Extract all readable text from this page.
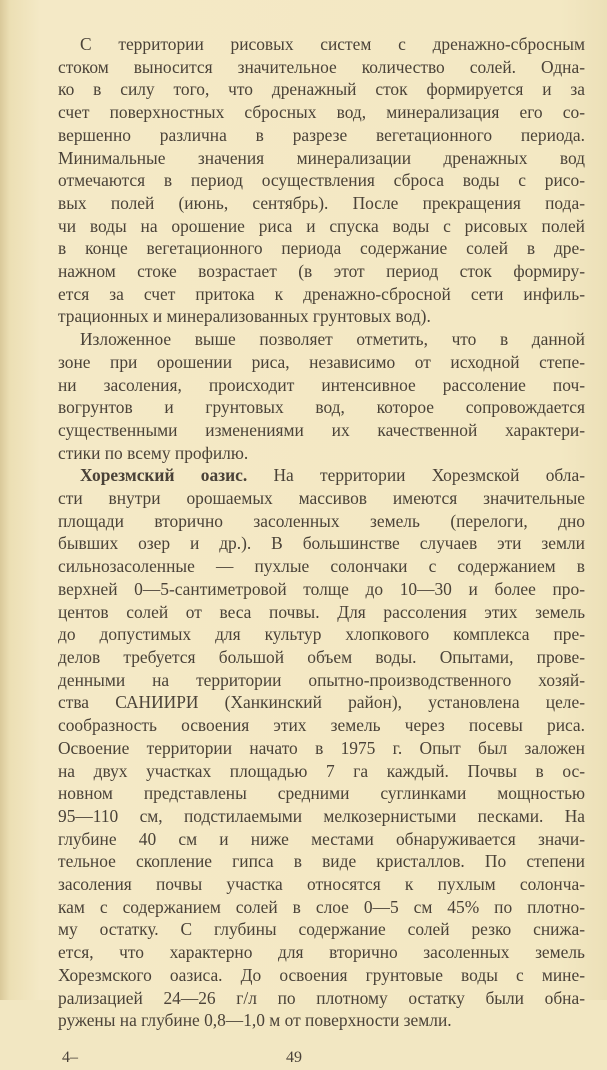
С территории рисовых систем с дренажно-сбросным
стоком выносится значительное количество солей. Одна-
ко в силу того, что дренажный сток формируется и за
счет поверхностных сбросных вод, минерализация его со-
вершенно различна в разрезе вегетационного периода.
Минимальные значения минерализации дренажных вод
отмечаются в период осуществления сброса воды с рисо-
вых полей (июнь, сентябрь). После прекращения пода-
чи воды на орошение риса и спуска воды с рисовых полей
в конце вегетационного периода содержание солей в дре-
нажном стоке возрастает (в этот период сток формиру-
ется за счет притока к дренажно-сбросной сети инфиль-
трационных и минерализованных грунтовых вод).
Изложенное выше позволяет отметить, что в данной
зоне при орошении риса, независимо от исходной степе-
ни засоления, происходит интенсивное рассоление поч-
вогрунтов и грунтовых вод, которое сопровождается
существенными изменениями их качественной характери-
стики по всему профилю.
Хорезмский оазис. На территории Хорезмской обла-
сти внутри орошаемых массивов имеются значительные
площади вторично засоленных земель (перелоги, дно
бывших озер и др.). В большинстве случаев эти земли
сильнозасоленные — пухлые солончаки с содержанием в
верхней 0—5-сантиметровой толще до 10—30 и более про-
центов солей от веса почвы. Для рассоления этих земель
до допустимых для культур хлопкового комплекса пре-
делов требуется большой объем воды. Опытами, прове-
денными на территории опытно-производственного хозяй-
ства САНИИРИ (Ханкинский район), установлена целе-
сообразность освоения этих земель через посевы риса.
Освоение территории начато в 1975 г. Опыт был заложен
на двух участках площадью 7 га каждый. Почвы в ос-
новном представлены средними суглинками мощностью
95—110 см, подстилаемыми мелкозернистыми песками. На
глубине 40 см и ниже местами обнаруживается значи-
тельное скопление гипса в виде кристаллов. По степени
засоления почвы участка относятся к пухлым солонча-
кам с содержанием солей в слое 0—5 см 45% по плотно-
му остатку. С глубины содержание солей резко снижа-
ется, что характерно для вторично засоленных земель
Хорезмского оазиса. До освоения грунтовые воды с мине-
рализацией 24—26 г/л по плотному остатку были обна-
ружены на глубине 0,8—1,0 м от поверхности земли.
4–	49
